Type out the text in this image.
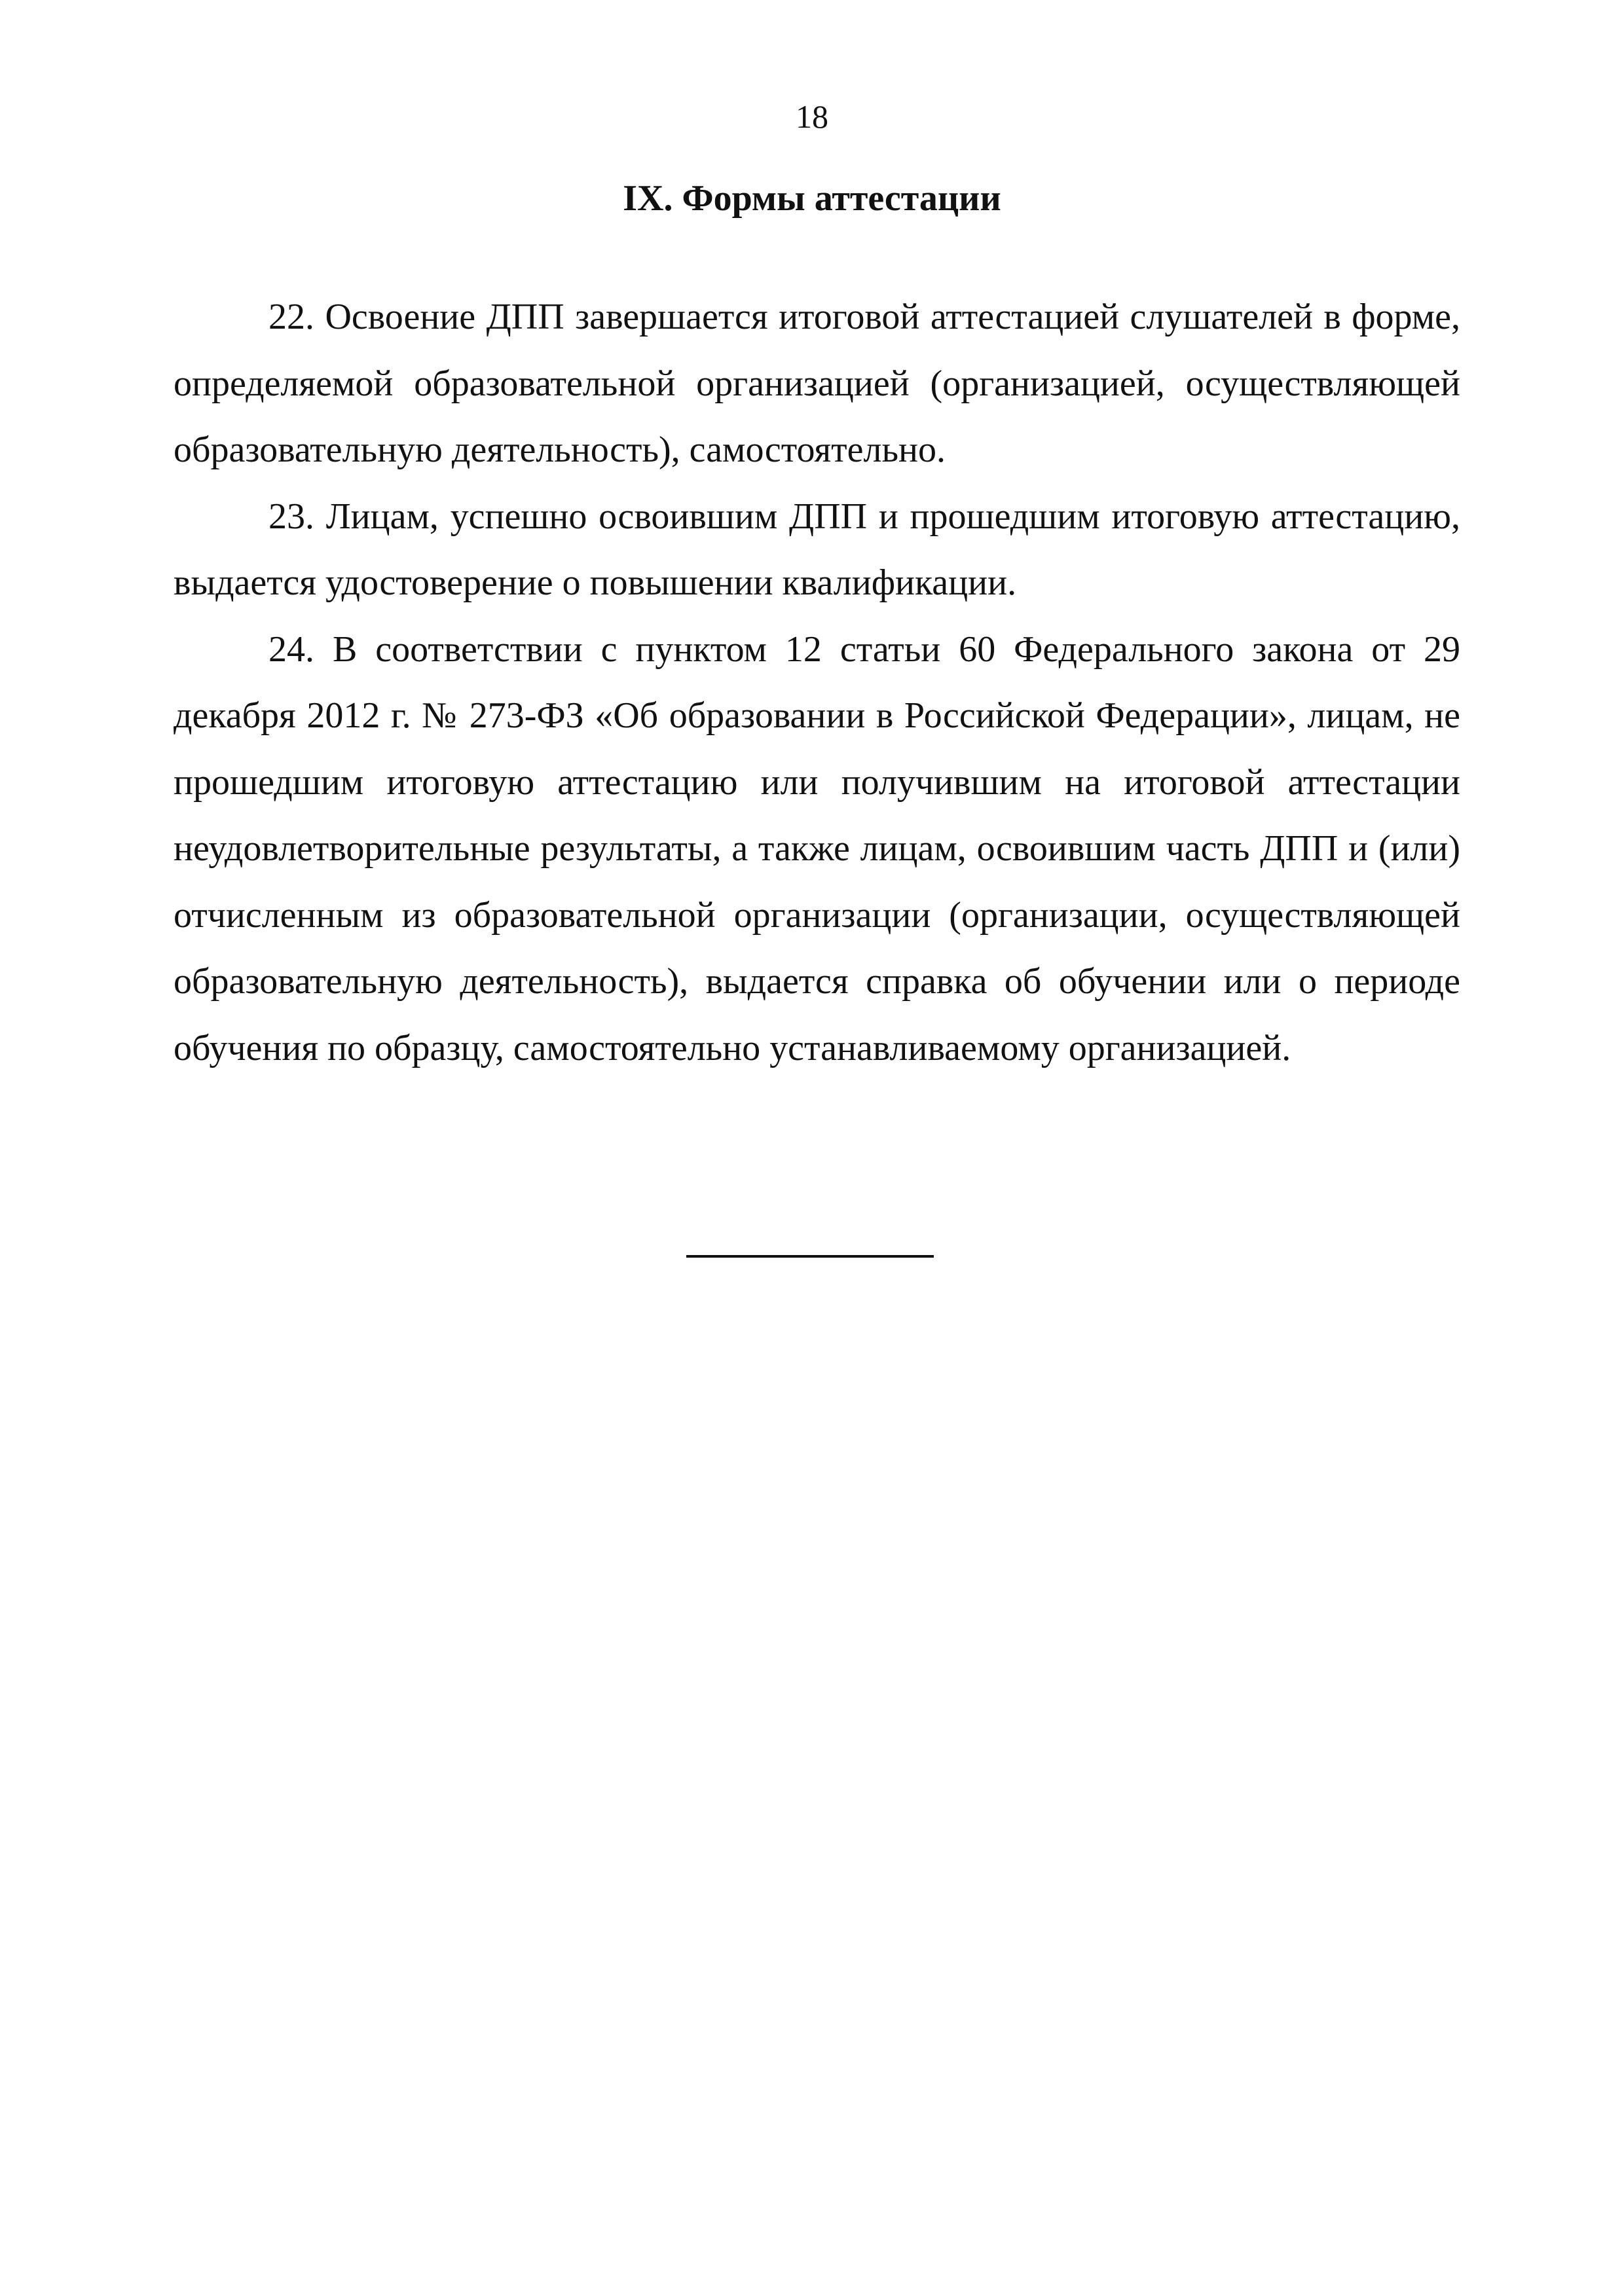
18
IX. Формы аттестации

22. Освоение ДПП завершается итоговой аттестацией слушателей в форме, определяемой образовательной организацией (организацией, осуществляющей образовательную деятельность), самостоятельно.

23. Лицам, успешно освоившим ДПП и прошедшим итоговую аттестацию, выдается удостоверение о повышении квалификации.

24. В соответствии с пунктом 12 статьи 60 Федерального закона от 29 декабря 2012 г. № 273-ФЗ «Об образовании в Российской Федерации», лицам, не прошедшим итоговую аттестацию или получившим на итоговой аттестации неудовлетворительные результаты, а также лицам, освоившим часть ДПП и (или) отчисленным из образовательной организации (организации, осуществляющей образовательную деятельность), выдается справка об обучении или о периоде обучения по образцу, самостоятельно устанавливаемому организацией.
